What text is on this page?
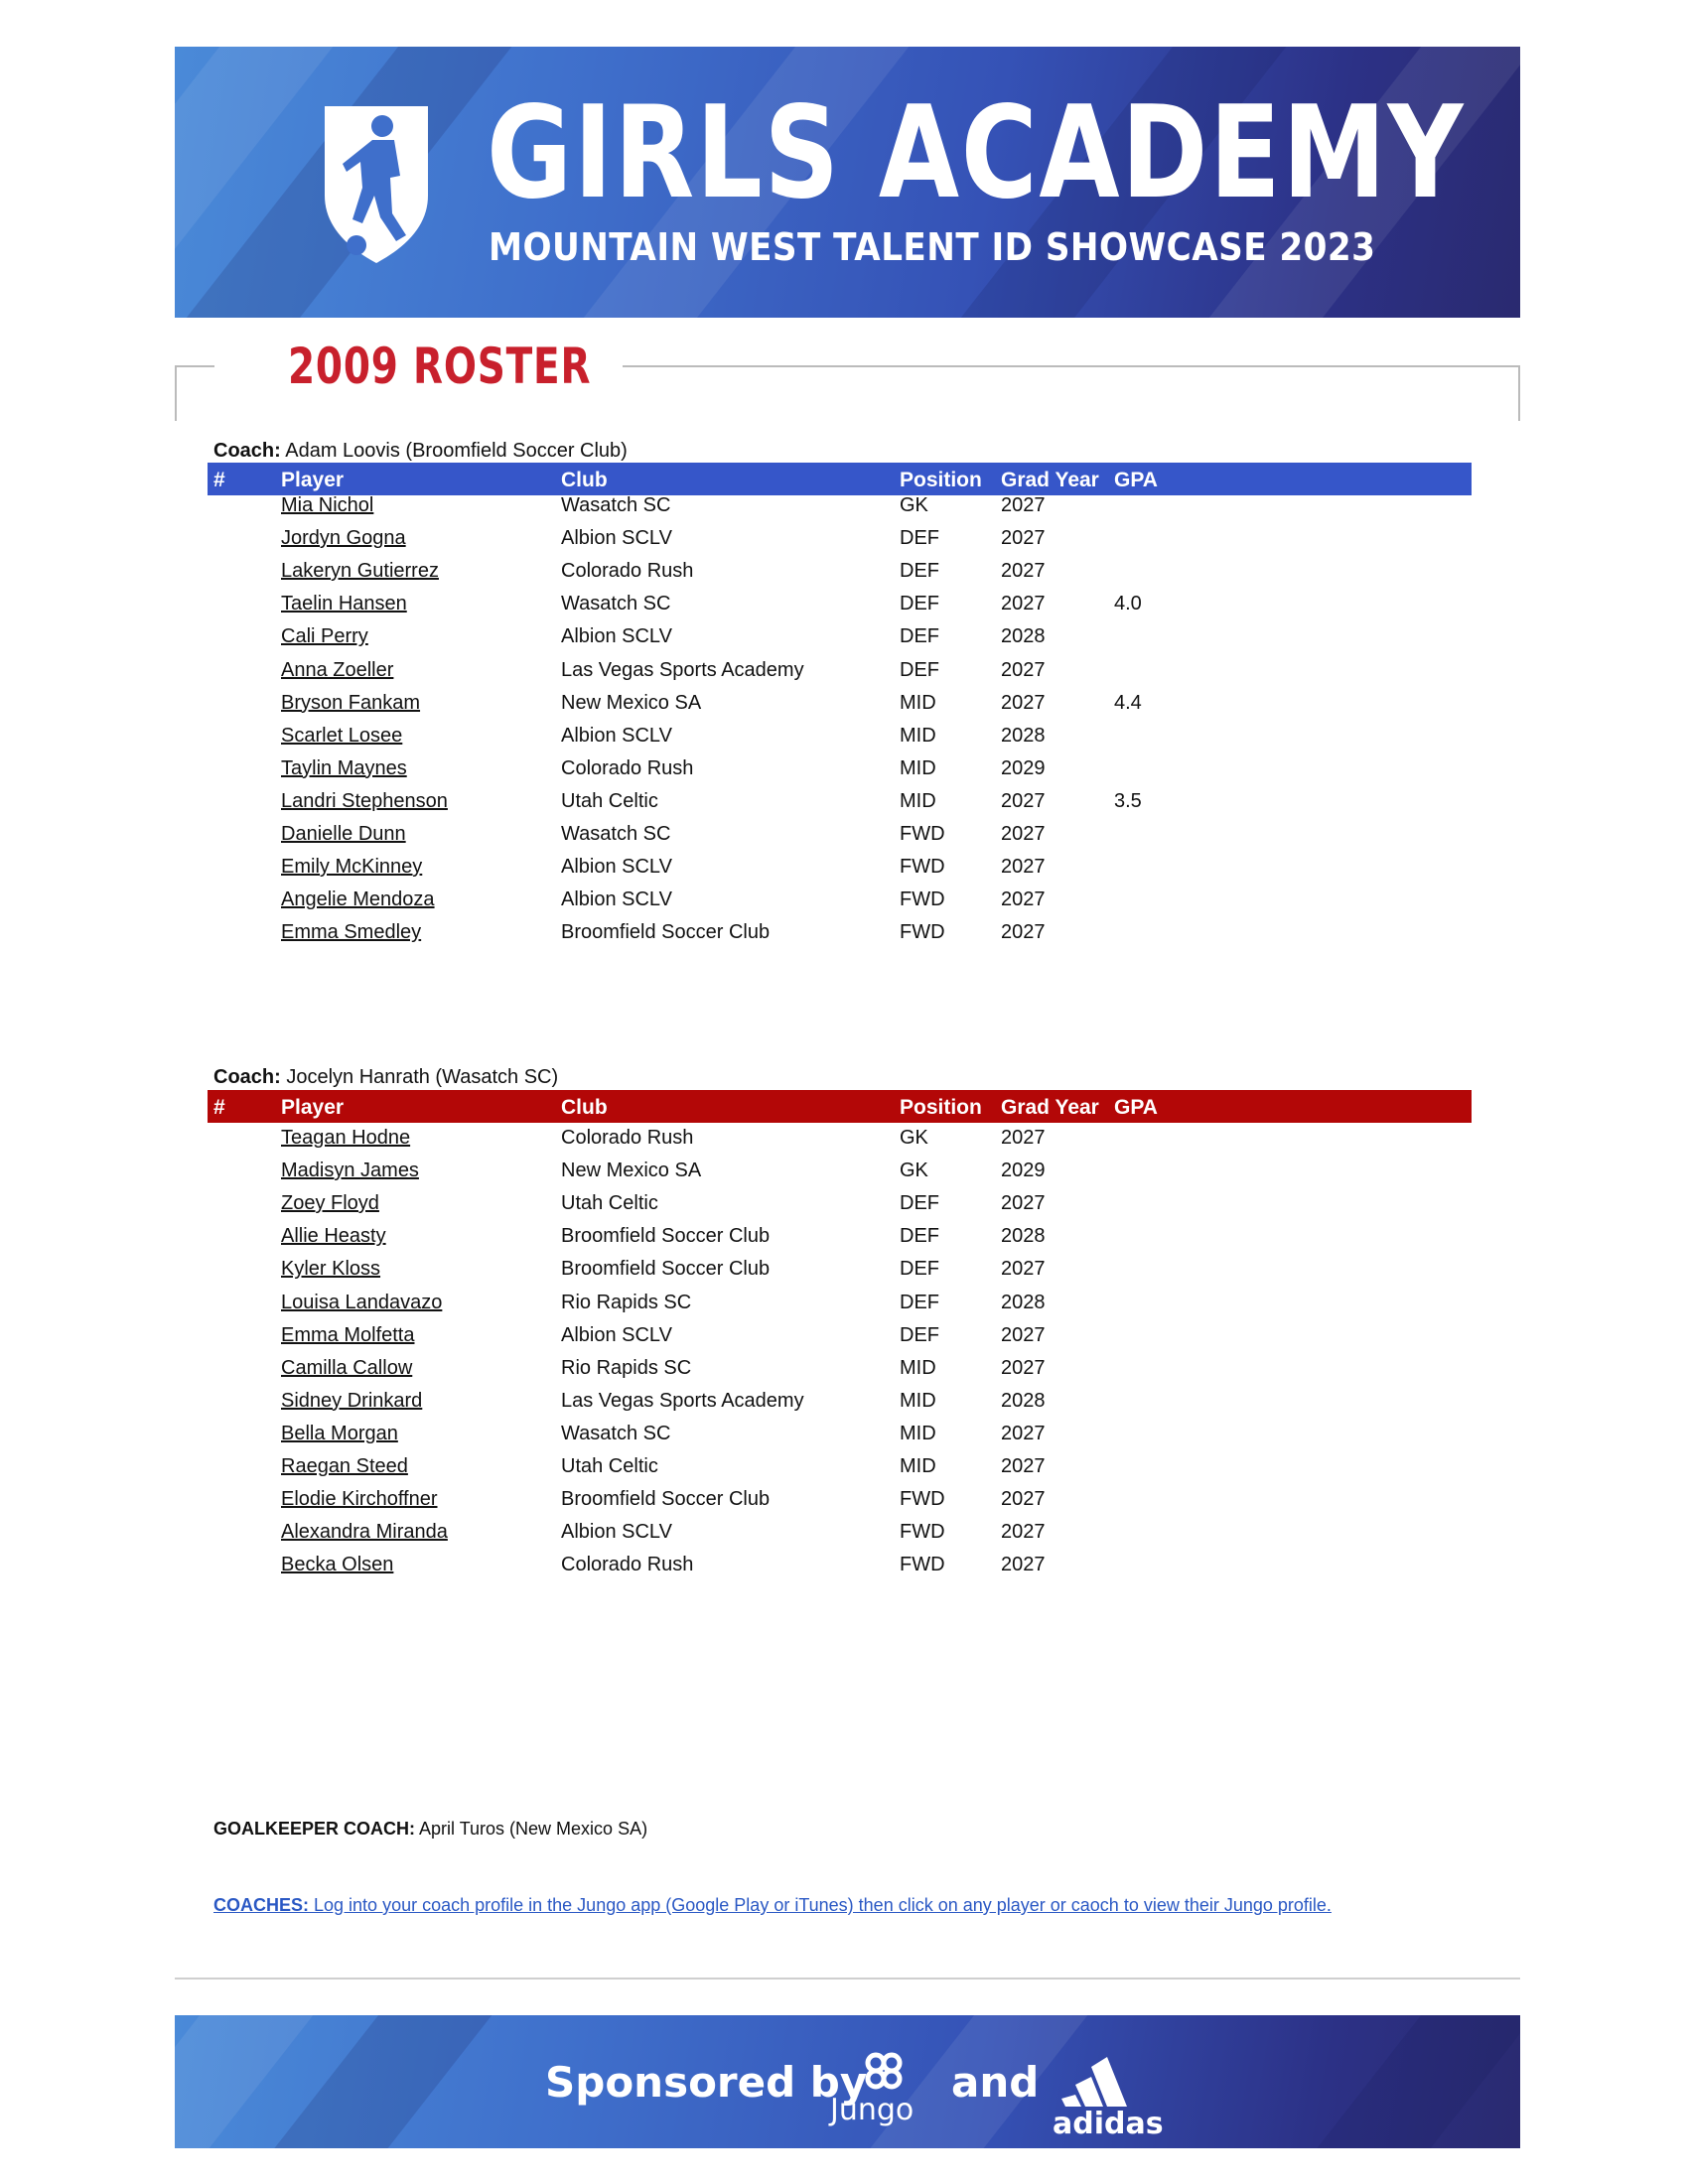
GIRLS ACADEMY
MOUNTAIN WEST TALENT ID SHOWCASE 2023
2009 ROSTER
Coach: Adam Loovis (Broomfield Soccer Club)
#	Player	Club	Position Grad Year GPA
Mia Nichol	Wasatch SC	GK	2027
Jordyn Gogna	Albion SCLV	DEF	2027
Lakeryn Gutierrez	Colorado Rush	DEF	2027
Taelin Hansen	Wasatch SC	DEF	2027	4.0
Cali Perry	Albion SCLV	DEF	2028
Anna Zoeller	Las Vegas Sports Academy	DEF	2027
Bryson Fankam	New Mexico SA	MID	2027	4.4
Scarlet Losee	Albion SCLV	MID	2028
Taylin Maynes	Colorado Rush	MID	2029
Landri Stephenson	Utah Celtic	MID	2027	3.5
Danielle Dunn	Wasatch SC	FWD	2027
Emily McKinney	Albion SCLV	FWD	2027
Angelie Mendoza	Albion SCLV	FWD	2027
Emma Smedley	Broomfield Soccer Club	FWD	2027
Coach: Jocelyn Hanrath (Wasatch SC)
#	Player	Club	Position Grad Year GPA
Teagan Hodne	Colorado Rush	GK	2027
Madisyn James	New Mexico SA	GK	2029
Zoey Floyd	Utah Celtic	DEF	2027
Allie Heasty	Broomfield Soccer Club	DEF	2028
Kyler Kloss	Broomfield Soccer Club	DEF	2027
Louisa Landavazo	Rio Rapids SC	DEF	2028
Emma Molfetta	Albion SCLV	DEF	2027
Camilla Callow	Rio Rapids SC	MID	2027
Sidney Drinkard	Las Vegas Sports Academy	MID	2028
Bella Morgan	Wasatch SC	MID	2027
Raegan Steed	Utah Celtic	MID	2027
Elodie Kirchoffner	Broomfield Soccer Club	FWD	2027
Alexandra Miranda	Albion SCLV	FWD	2027
Becka Olsen	Colorado Rush	FWD	2027
GOALKEEPER COACH: April Turos (New Mexico SA)
COACHES: Log into your coach profile in the Jungo app (Google Play or iTunes) then click on any player or caoch to view their Jungo profile.
Sponsored by
Jungo
and
adidas
